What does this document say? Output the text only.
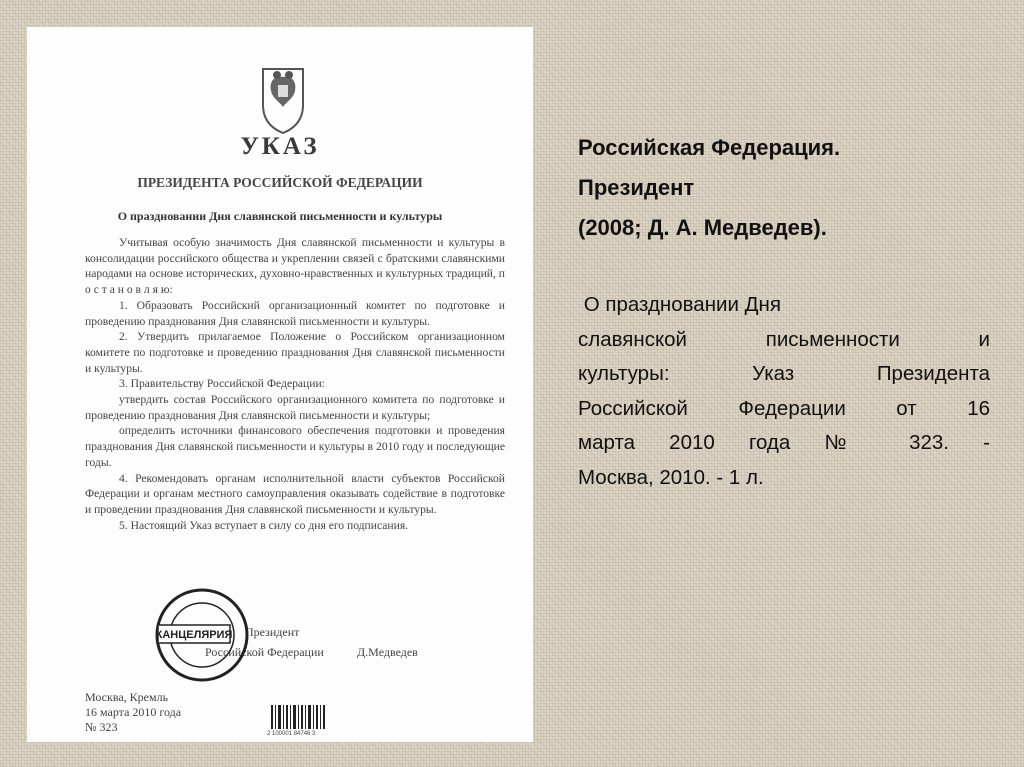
УКАЗ
ПРЕЗИДЕНТА РОССИЙСКОЙ ФЕДЕРАЦИИ
О праздновании Дня славянской письменности и культуры

Учитывая особую значимость Дня славянской письменности и культуры в консолидации российского общества и укреплении связей с братскими славянскими народами на основе исторических, духовно-нравственных и культурных традиций, п о с т а н о в л я ю:

1. Образовать Российский организационный комитет по подготовке и проведению празднования Дня славянской письменности и культуры.

2. Утвердить прилагаемое Положение о Российском организационном комитете по подготовке и проведению празднования Дня славянской письменности и культуры.

3. Правительству Российской Федерации:

утвердить состав Российского организационного комитета по подготовке и проведению празднования Дня славянской письменности и культуры;

определить источники финансового обеспечения подготовки и проведения празднования Дня славянской письменности и культуры в 2010 году и последующие годы.

4. Рекомендовать органам исполнительной власти субъектов Российской Федерации и органам местного самоуправления оказывать содействие в подготовке и проведении празднования Дня славянской письменности и культуры.

5. Настоящий Указ вступает в силу со дня его подписания.

Президент
Российской Федерации	Д.Медведев
КАНЦЕЛЯРИЯ
Москва, Кремль
16 марта 2010 года
№ 323	2 100001 84746 3
Российская Федерация.
Президент
(2008; Д. А. Медведев).
О праздновании Дня
славянской письменности и
культуры: Указ Президента
Российской Федерации от 16
марта 2010 года № 323. -
Москва, 2010. - 1 л.
